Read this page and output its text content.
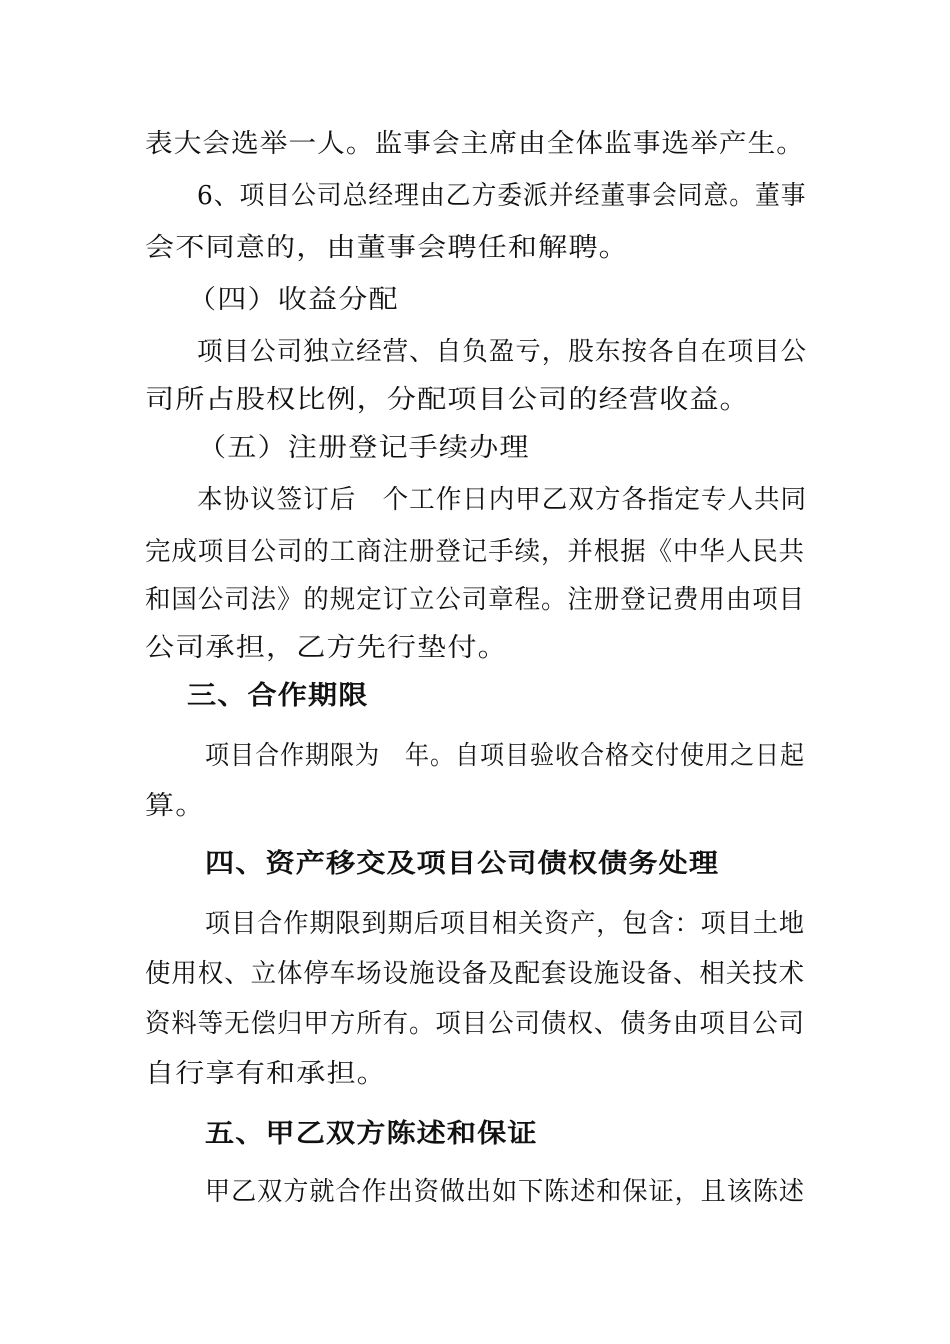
表大会选举一人。监事会主席由全体监事选举产生。
6、项目公司总经理由乙方委派并经董事会同意。董事
会不同意的，由董事会聘任和解聘。
（四）收益分配
项目公司独立经营、自负盈亏，股东按各自在项目公
司所占股权比例，分配项目公司的经营收益。
（五）注册登记手续办理
本协议签订后　个工作日内甲乙双方各指定专人共同
完成项目公司的工商注册登记手续，并根据《中华人民共
和国公司法》的规定订立公司章程。注册登记费用由项目
公司承担，乙方先行垫付。
三、合作期限
项目合作期限为　年。自项目验收合格交付使用之日起
算。
四、资产移交及项目公司债权债务处理
项目合作期限到期后项目相关资产，包含：项目土地
使用权、立体停车场设施设备及配套设施设备、相关技术
资料等无偿归甲方所有。项目公司债权、债务由项目公司
自行享有和承担。
五、甲乙双方陈述和保证
甲乙双方就合作出资做出如下陈述和保证，且该陈述
